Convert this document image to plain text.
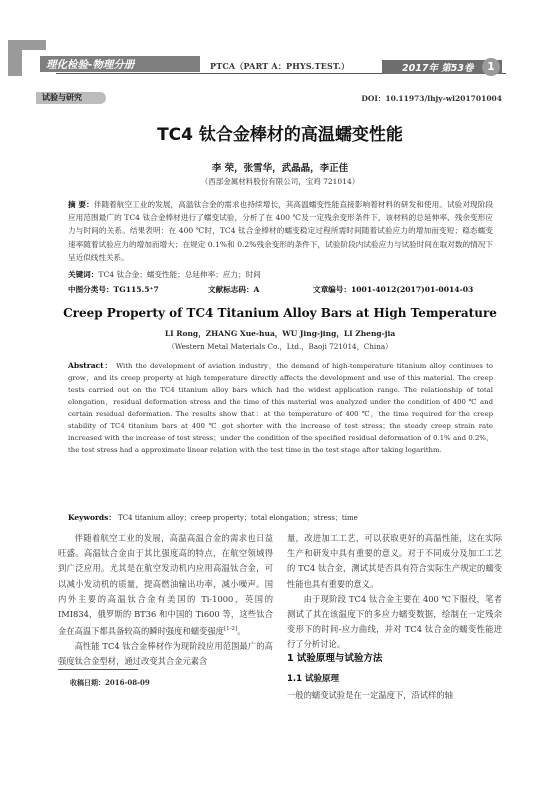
理化检验-物理分册	PTCA（PART A：PHYS.TEST.）	2017年 第53卷	1
试验与研究	DOI：10.11973/lhjy-wl201701004
TC4 钛合金棒材的高温蠕变性能
李 荣，张雪华，武晶晶，李正佳
（西部金属材料股份有限公司，宝鸡 721014）
摘 要：伴随着航空工业的发展，高温钛合金的需求也持续增长，其高温蠕变性能直接影响着材料的研发和使用。试验对现阶段应用范围最广的 TC4 钛合金棒材进行了蠕变试验，分析了在 400 ℃及一定残余变形条件下，该材料的总延伸率、残余变形应力与时间的关系。结果表明：在 400 ℃时，TC4 钛合金棒材的蠕变稳定过程所需时间随着试验应力的增加而变短；稳态蠕变速率随着试验应力的增加而增大；在规定 0.1%和 0.2%残余变形的条件下，试验阶段内试验应力与试验时间在取对数的情况下呈近似线性关系。
关键词：TC4 钛合金；蠕变性能；总延伸率；应力；时间
中图分类号：TG115.5⁺7	文献标志码：A	文章编号：1001-4012(2017)01-0014-03
Creep Property of TC4 Titanium Alloy Bars at High Temperature
LI Rong，ZHANG Xue-hua，WU Jing-jing，LI Zheng-jia
（Western Metal Materials Co.，Ltd.，Baoji 721014，China）
Abstract： With the development of aviation industry，the demand of high-temperature titanium alloy continues to grow，and its creep property at high temperature directly affects the development and use of this material. The creep tests carried out on the TC4 titanium alloy bars which had the widest application range. The relationship of total elongation，residual deformation stress and the time of this material was analyzed under the condition of 400 ℃ and certain residual deformation. The results show that：at the temperature of 400 ℃，the time required for the creep stability of TC4 titanium bars at 400 ℃ got shorter with the increase of test stress；the steady creep strain rate increased with the increase of test stress；under the condition of the specified residual deformation of 0.1% and 0.2%，the test stress had a approximate linear relation with the test time in the test stage after taking logarithm.
Keywords： TC4 titanium alloy；creep property；total elongation；stress；time

伴随着航空工业的发展，高温高温合金的需求也日益旺盛。高温钛合金由于其比强度高的特点，在航空领域得到广泛应用。尤其是在航空发动机内应用高温钛合金，可以减小发动机的质量，提高燃油输出功率，减小噪声。国内外主要的高温钛合金有美国的 Ti-1000，英国的 IMI834，俄罗斯的 BT36 和中国的 Ti600 等，这些钛合金在高温下都具备较高的瞬时强度和蠕变强度[1-2]。

高性能 TC4 钛合金棒材作为现阶段应用范围最广的高强度钛合金型材，通过改变其合金元素含

收稿日期：2016-08-09

量，改进加工工艺，可以获取更好的高温性能，这在实际生产和研发中具有重要的意义。对于不同成分及加工工艺的 TC4 钛合金，测试其是否具有符合实际生产规定的蠕变性能也具有重要的意义。

由于现阶段 TC4 钛合金主要在 400 ℃下服役，笔者测试了其在该温度下的多应力蠕变数据，绘制在一定残余变形下的时间-应力曲线，并对 TC4 钛合金的蠕变性能进行了分析讨论。

1 试验原理与试验方法
1.1 试验原理
一般的蠕变试验是在一定温度下，沿试样的轴
